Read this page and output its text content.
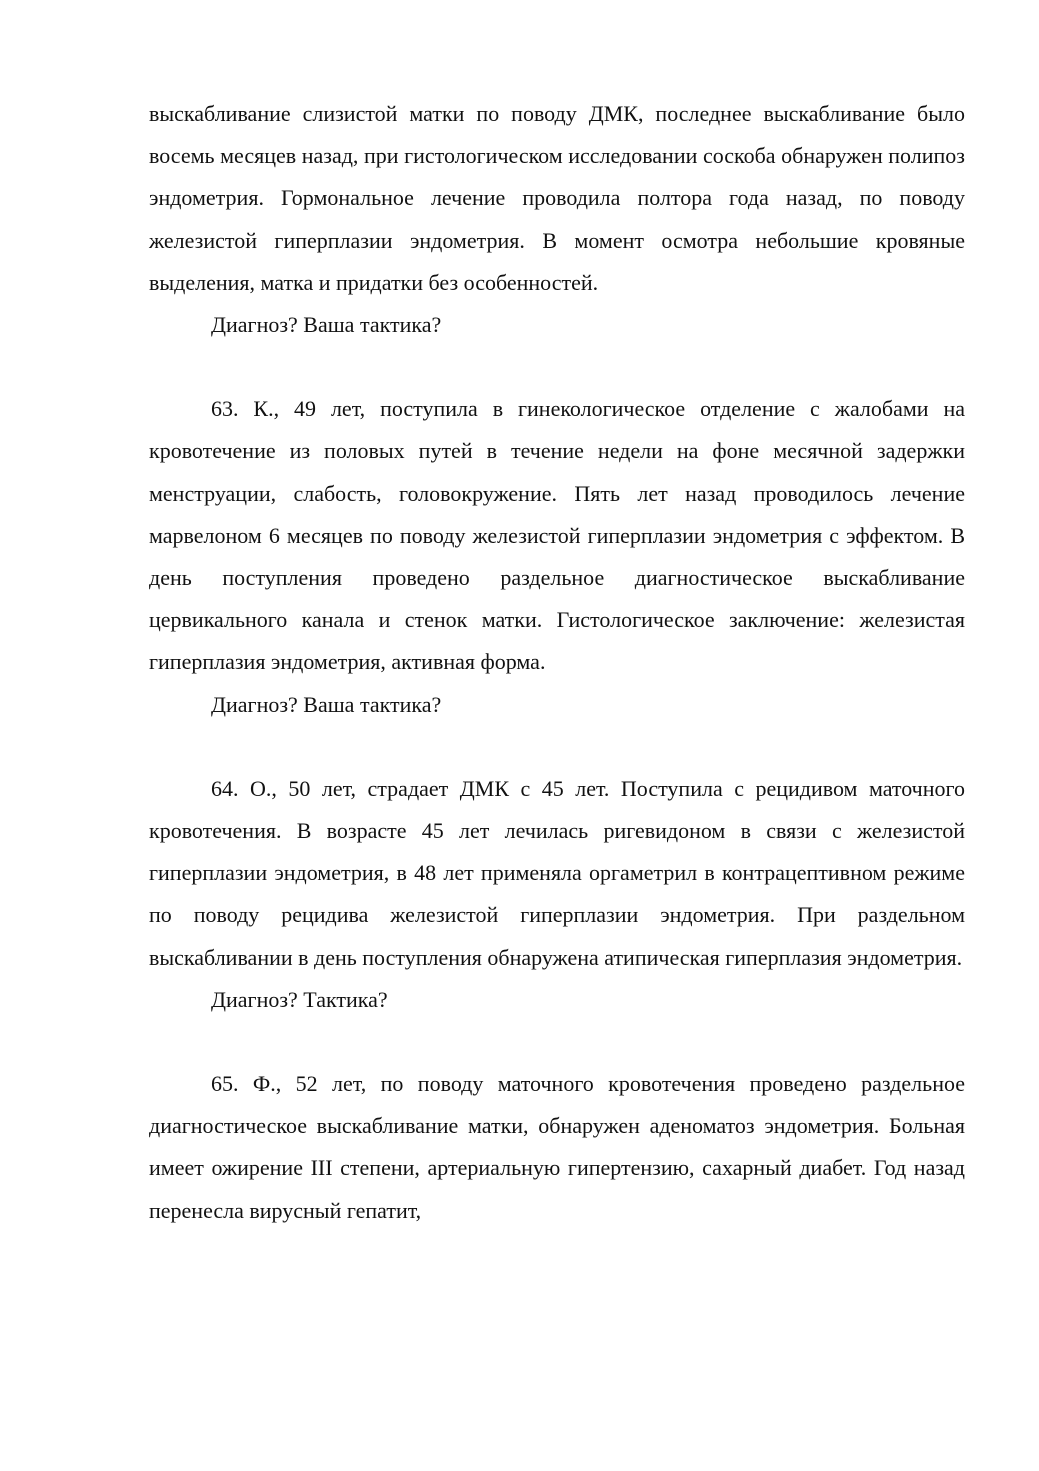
выскабливание слизистой матки по поводу ДМК, последнее выскабливание было восемь месяцев назад, при гистологическом исследовании соскоба обнаружен полипоз эндометрия. Гормональное лечение проводила полтора года назад, по поводу железистой гиперплазии эндометрия. В момент осмотра небольшие кровяные выделения, матка и придатки без особенностей.

Диагноз? Ваша тактика?

63. К., 49 лет, поступила в гинекологическое отделение с жалобами на кровотечение из половых путей в течение недели на фоне месячной задержки менструации, слабость, головокружение. Пять лет назад проводилось лечение марвелоном 6 месяцев по поводу железистой гиперплазии эндометрия с эффектом. В день поступления проведено раздельное диагностическое выскабливание цервикального канала и стенок матки. Гистологическое заключение: железистая гиперплазия эндометрия, активная форма.

Диагноз? Ваша тактика?

64. О., 50 лет, страдает ДМК с 45 лет. Поступила с рецидивом маточного кровотечения. В возрасте 45 лет лечилась ригевидоном в связи с железистой гиперплазии эндометрия, в 48 лет применяла оргаметрил в контрацептивном режиме по поводу рецидива железистой гиперплазии эндометрия. При раздельном выскабливании в день поступления обнаружена атипическая гиперплазия эндометрия.

Диагноз? Тактика?

65. Ф., 52 лет, по поводу маточного кровотечения проведено раздельное диагностическое выскабливание матки, обнаружен аденоматоз эндометрия. Больная имеет ожирение III степени, артериальную гипертензию, сахарный диабет. Год назад перенесла вирусный гепатит,
